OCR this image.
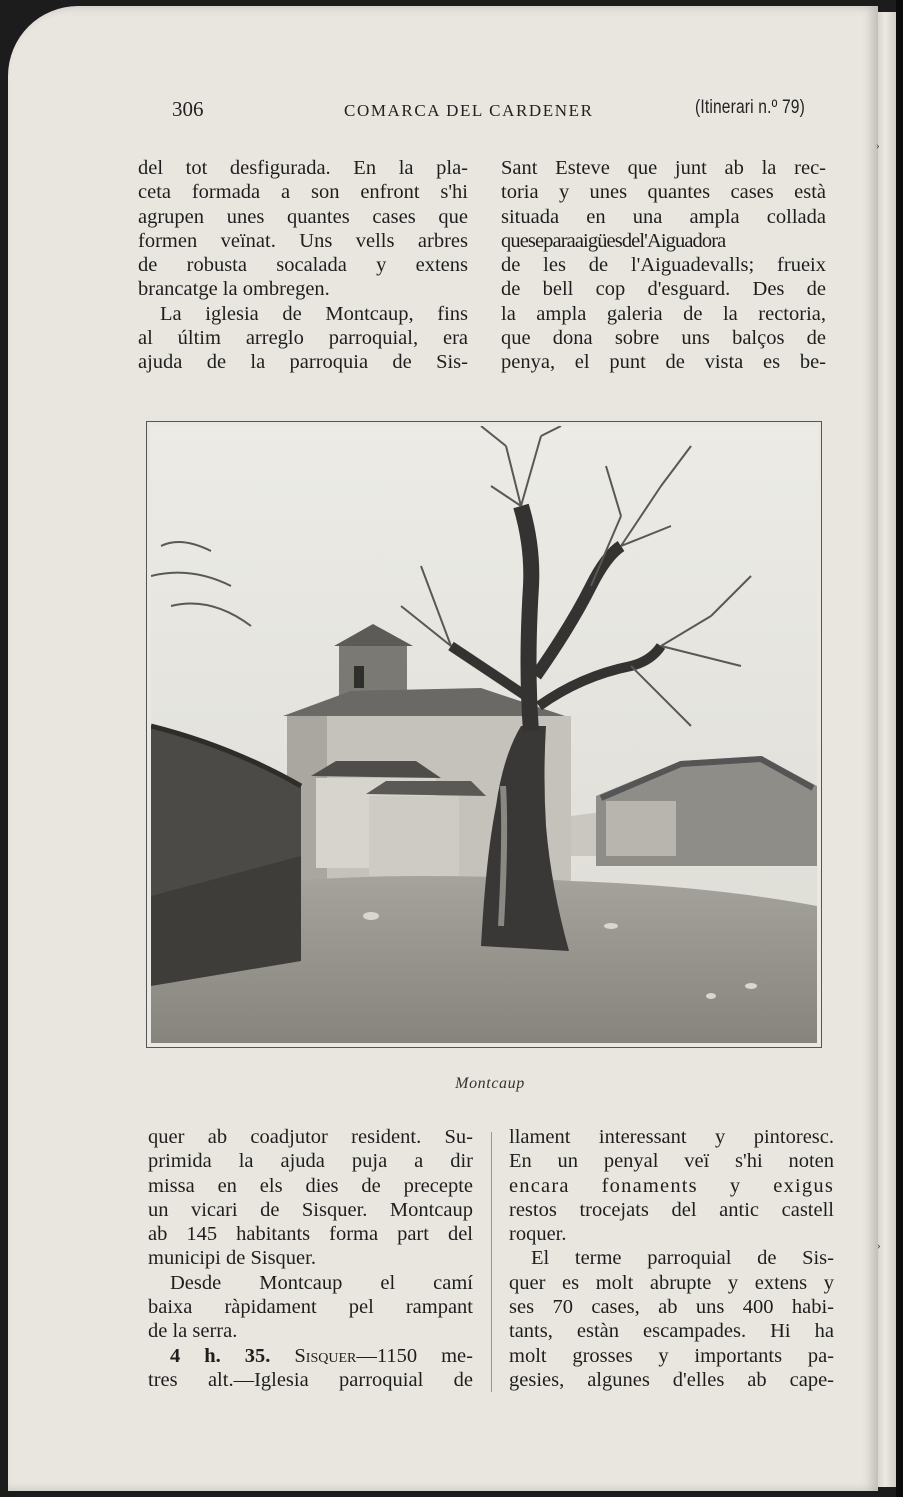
›
›
306	COMARCA DEL CARDENER	(Itinerari n.º 79)
del tot desfigurada. En la pla-
ceta formada a son enfront s'hi
agrupen unes quantes cases que
formen veïnat. Uns vells arbres
de robusta socalada y extens
brancatge la ombregen.
La iglesia de Montcaup, fins
al últim arreglo parroquial, era
ajuda de la parroquia de Sis-
Sant Esteve que junt ab la rec-
toria y unes quantes cases està
situada en una ampla collada
queseparaaigüesdel'Aiguadora
de les de l'Aiguadevalls; frueix
de bell cop d'esguard. Des de
la ampla galeria de la rectoria,
que dona sobre uns balços de
penya, el punt de vista es be-
Montcaup
quer ab coadjutor resident. Su-
primida la ajuda puja a dir
missa en els dies de precepte
un vicari de Sisquer. Montcaup
ab 145 habitants forma part del
municipi de Sisquer.
Desde Montcaup el camí
baixa ràpidament pel rampant
de la serra.
4 h. 35. Sisquer—1150 me-
tres alt.—Iglesia parroquial de
llament interessant y pintoresc.
En un penyal veï s'hi noten
encara fonaments y exigus
restos trocejats del antic castell
roquer.
El terme parroquial de Sis-
quer es molt abrupte y extens y
ses 70 cases, ab uns 400 habi-
tants, estàn escampades. Hi ha
molt grosses y importants pa-
gesies, algunes d'elles ab cape-
